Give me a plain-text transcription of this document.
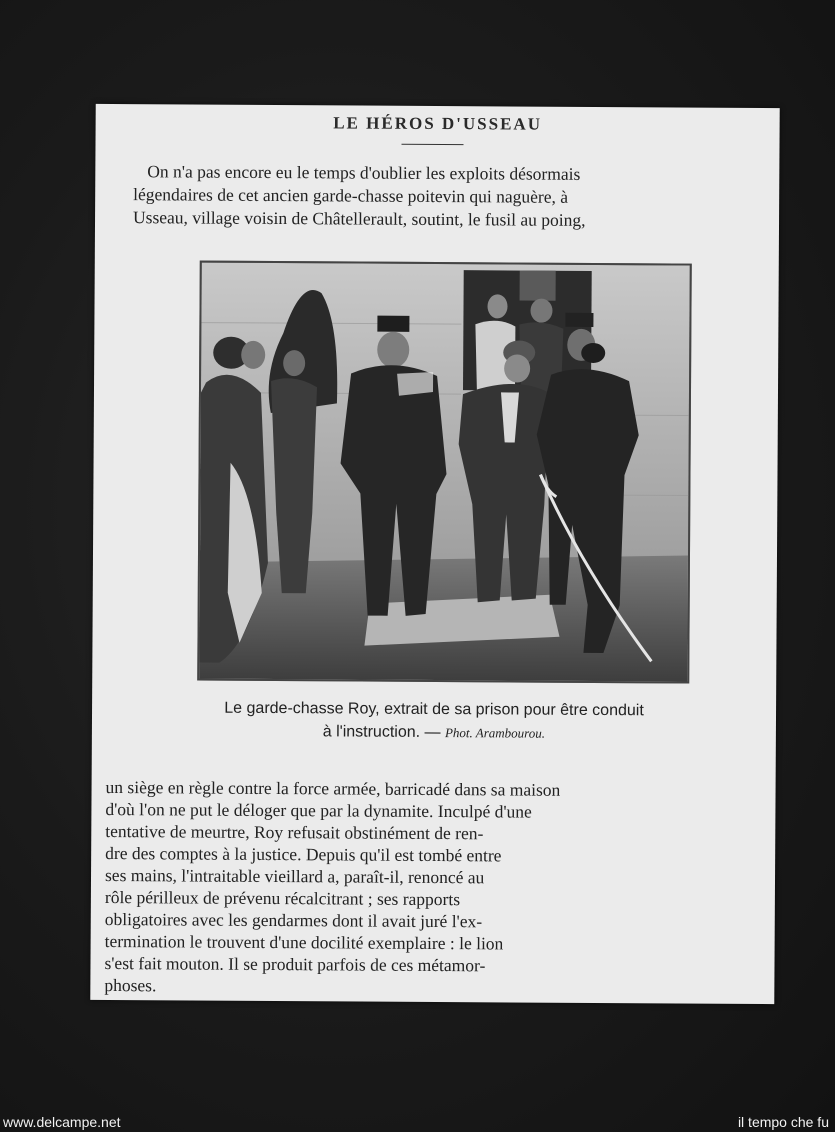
LE HÉROS D'USSEAU
On n'a pas encore eu le temps d'oublier les exploits désormais
légendaires de cet ancien garde-chasse poitevin qui naguère, à
Usseau, village voisin de Châtellerault, soutint, le fusil au poing,
Le garde-chasse Roy, extrait de sa prison pour être conduit
à l'instruction. — Phot. Arambourou.
un siège en règle contre la force armée, barricadé dans sa maison
d'où l'on ne put le déloger que par la dynamite. Inculpé d'une
tentative de meurtre, Roy refusait obstinément de ren-
dre des comptes à la justice. Depuis qu'il est tombé entre
ses mains, l'intraitable vieillard a, paraît-il, renoncé au
rôle périlleux de prévenu récalcitrant ; ses rapports
obligatoires avec les gendarmes dont il avait juré l'ex-
termination le trouvent d'une docilité exemplaire : le lion
s'est fait mouton. Il se produit parfois de ces métamor-
phoses.
www.delcampe.net	il tempo che fu
